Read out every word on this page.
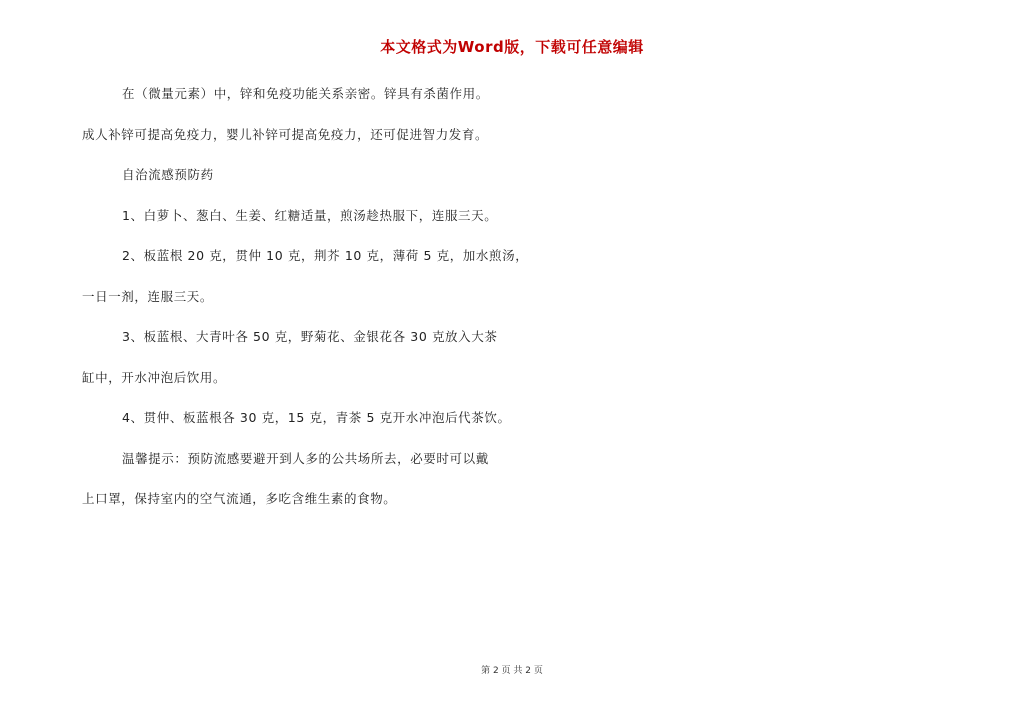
本文格式为Word版，下载可任意编辑
在（微量元素）中，锌和免疫功能关系亲密。锌具有杀菌作用。
成人补锌可提高免疫力，婴儿补锌可提高免疫力，还可促进智力发育。
自治流感预防药
1、白萝卜、葱白、生姜、红糖适量，煎汤趁热服下，连服三天。
2、板蓝根 20 克，贯仲 10 克，荆芥 10 克，薄荷 5 克，加水煎汤，
一日一剂，连服三天。
3、板蓝根、大青叶各 50 克，野菊花、金银花各 30 克放入大茶
缸中，开水冲泡后饮用。
4、贯仲、板蓝根各 30 克，15 克，青茶 5 克开水冲泡后代茶饮。
温馨提示：预防流感要避开到人多的公共场所去，必要时可以戴
上口罩，保持室内的空气流通，多吃含维生素的食物。
第 2 页 共 2 页
